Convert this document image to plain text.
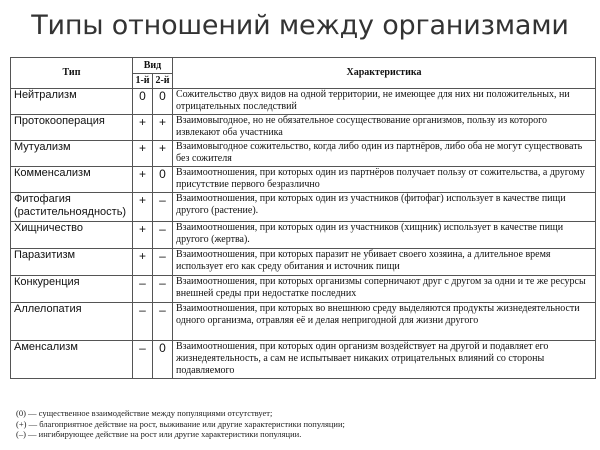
Типы отношений между организмами
Тип	Вид		Характеристика
	1-й	2-й	
Нейтрализм	0	0	Сожительство двух видов на одной территории, не имеющее для них ни положительных, ни отрицательных последствий
Протокооперация	+	+	Взаимовыгодное, но не обязательное сосуществование организмов, пользу из которого извлекают оба участника
Мутуализм	+	+	Взаимовыгодное сожительство, когда либо один из партнёров, либо оба не могут существовать без сожителя
Комменсализм	+	0	Взаимоотношения, при которых один из партнёров получает пользу от сожительства, а другому присутствие первого безразлично
Фитофагия (растительноядность)	+	–	Взаимоотношения, при которых один из участников (фитофаг) использует в качестве пищи другого (растение).
Хищничество	+	–	Взаимоотношения, при которых один из участников (хищник) использует в качестве пищи другого (жертва).
Паразитизм	+	–	Взаимоотношения, при которых паразит не убивает своего хозяина, а длительное время использует его как среду обитания и источник пищи
Конкуренция	–	–	Взаимоотношения, при которых организмы соперничают друг с другом за одни и те же ресурсы внешней среды при недостатке последних
Аллелопатия	–	–	Взаимоотношения, при которых во внешнюю среду выделяются продукты жизнедеятельности одного организма, отравляя её и делая непригодной для жизни другого
Аменсализм	–	0	Взаимоотношения, при которых один организм воздействует на другой и подавляет его жизнедеятельность, а сам не испытывает никаких отрицательных влияний со стороны подавляемого
(0) — существенное взаимодействие между популяциями отсутствует;
(+) — благоприятное действие на рост, выживание или другие характеристики популяции;
(–) — ингибирующее действие на рост или другие характеристики популяции.
